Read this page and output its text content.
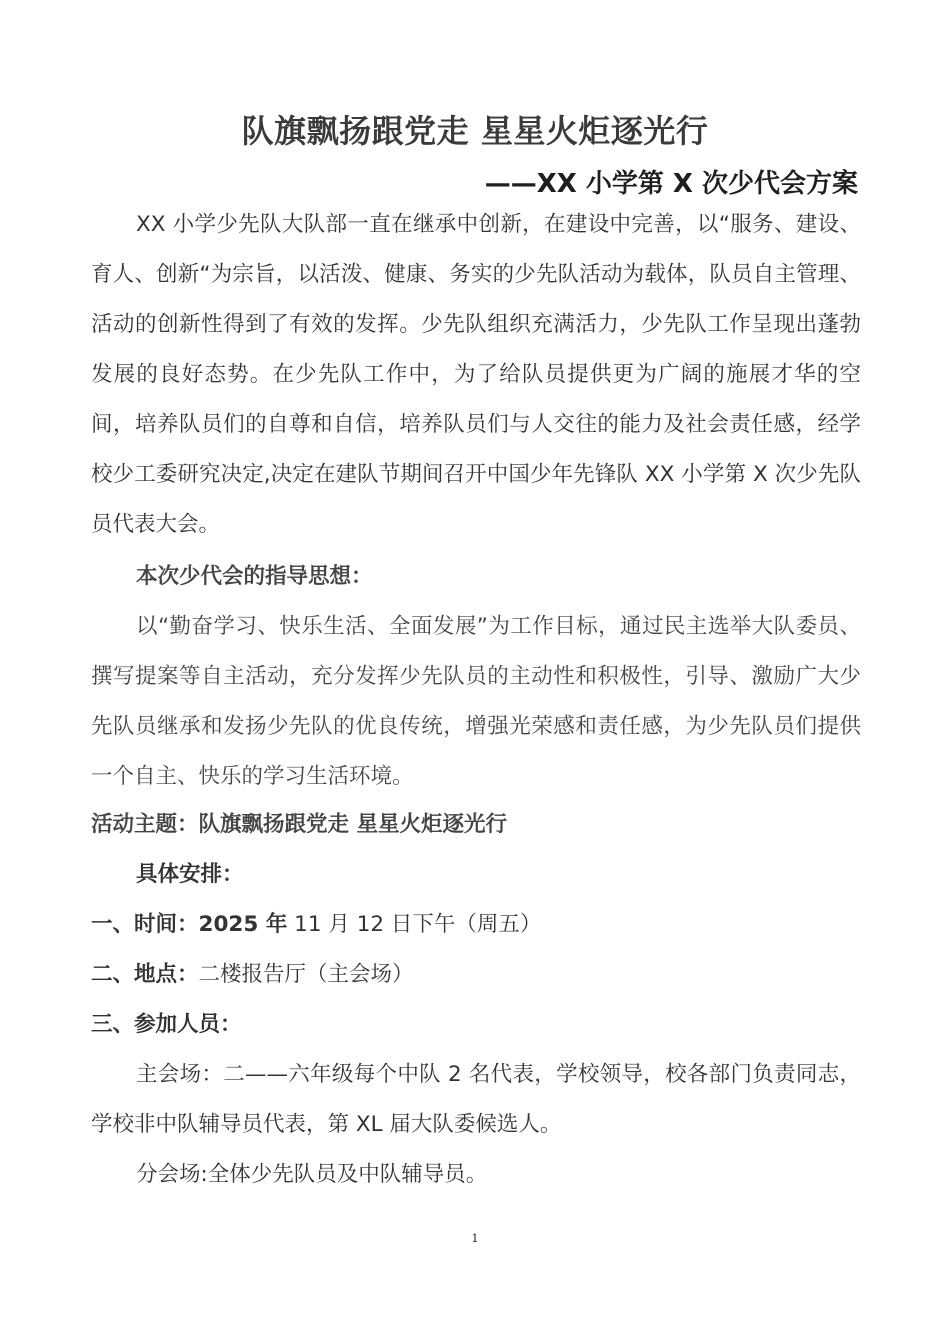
队旗飘扬跟党走 星星火炬逐光行
——XX 小学第 X 次少代会方案

XX 小学少先队大队部一直在继承中创新，在建设中完善，以“服务、建设、育人、创新“为宗旨，以活泼、健康、务实的少先队活动为载体，队员自主管理、活动的创新性得到了有效的发挥。少先队组织充满活力，少先队工作呈现出蓬勃发展的良好态势。在少先队工作中，为了给队员提供更为广阔的施展才华的空间，培养队员们的自尊和自信，培养队员们与人交往的能力及社会责任感，经学校少工委研究决定,决定在建队节期间召开中国少年先锋队 XX 小学第 X 次少先队员代表大会。

本次少代会的指导思想：

以“勤奋学习、快乐生活、全面发展”为工作目标，通过民主选举大队委员、撰写提案等自主活动，充分发挥少先队员的主动性和积极性，引导、激励广大少先队员继承和发扬少先队的优良传统，增强光荣感和责任感，为少先队员们提供一个自主、快乐的学习生活环境。

活动主题：队旗飘扬跟党走 星星火炬逐光行

具体安排：

一、时间：2025 年 11 月 12 日下午（周五）

二、地点：二楼报告厅（主会场）

三、参加人员：

主会场：二——六年级每个中队 2 名代表，学校领导，校各部门负责同志，学校非中队辅导员代表，第 XL 届大队委候选人。

分会场:全体少先队员及中队辅导员。

1
